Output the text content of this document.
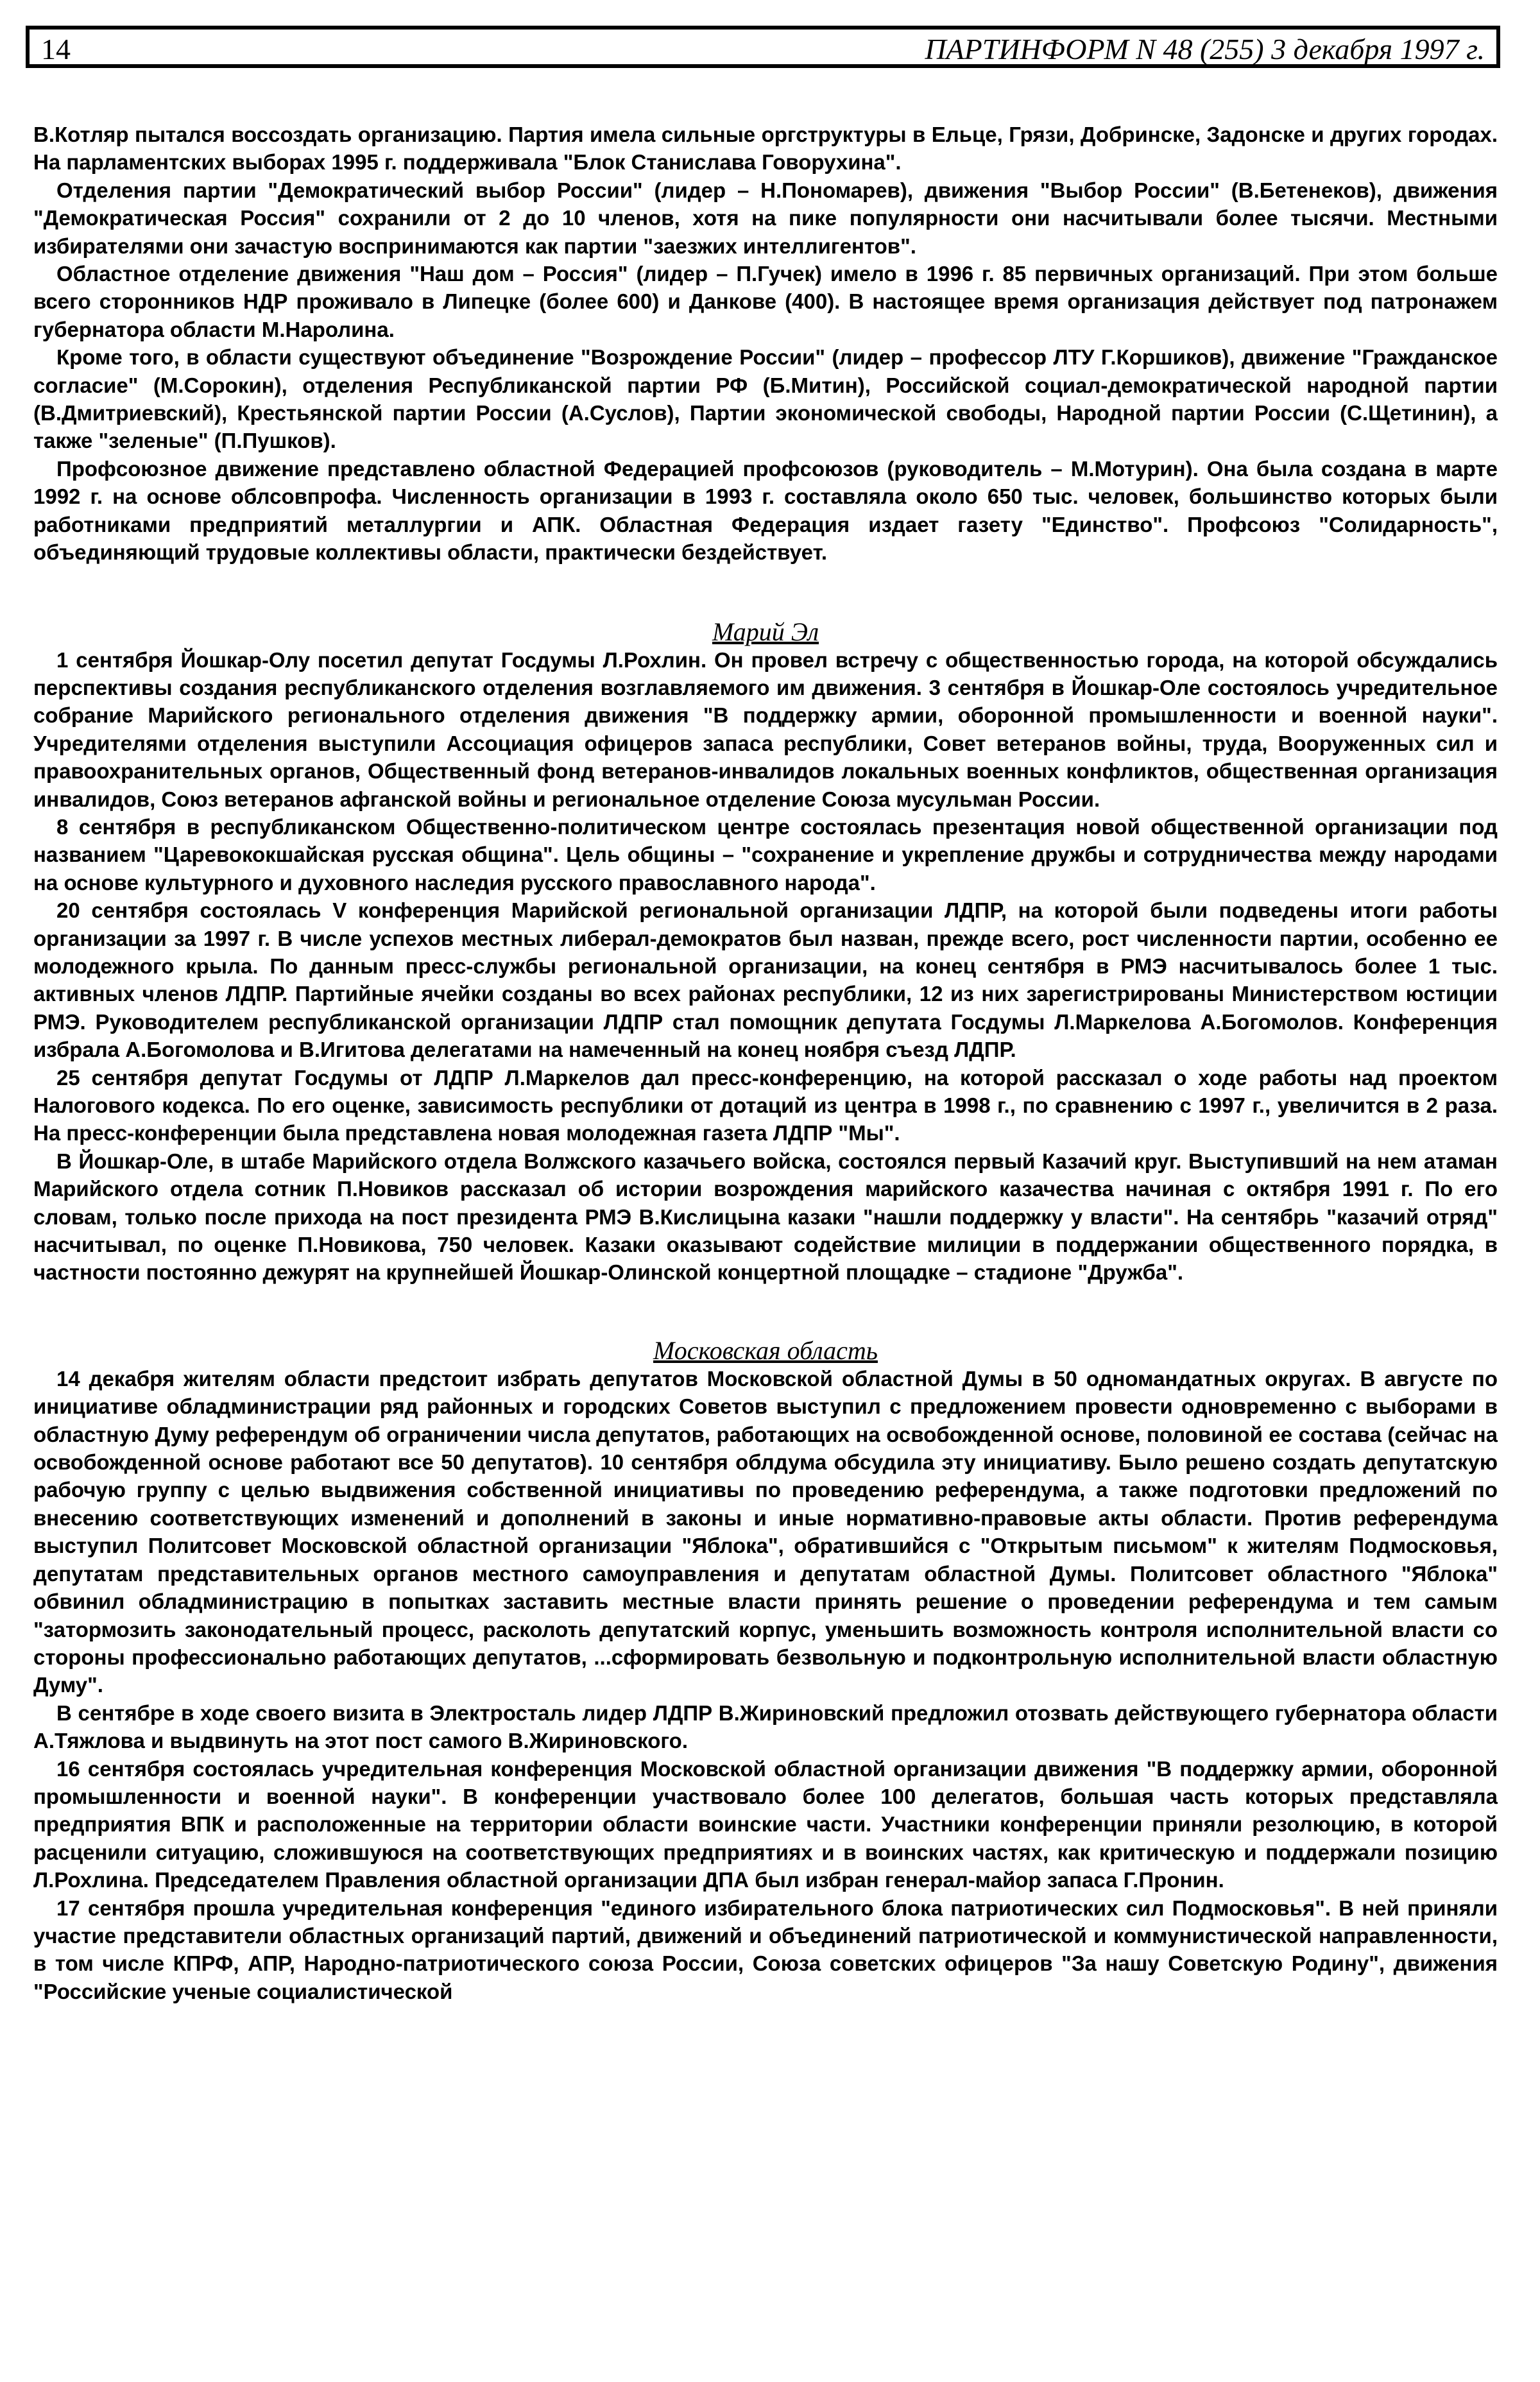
14	ПАРТИНФОРМ N 48 (255) 3 декабря 1997 г.

В.Котляр пытался воссоздать организацию. Партия имела сильные оргструктуры в Ельце, Грязи, Добринске, Задонске и других городах. На парламентских выборах 1995 г. поддерживала "Блок Станислава Говорухина".

Отделения партии "Демократический выбор России" (лидер – Н.Пономарев), движения "Выбор России" (В.Бетенеков), движения "Демократическая Россия" сохранили от 2 до 10 членов, хотя на пике популярности они насчитывали более тысячи. Местными избирателями они зачастую воспринимаются как партии "заезжих интеллигентов".

Областное отделение движения "Наш дом – Россия" (лидер – П.Гучек) имело в 1996 г. 85 первичных организаций. При этом больше всего сторонников НДР проживало в Липецке (более 600) и Данкове (400). В настоящее время организация действует под патронажем губернатора области М.Наролина.

Кроме того, в области существуют объединение "Возрождение России" (лидер – профессор ЛТУ Г.Коршиков), движение "Гражданское согласие" (М.Сорокин), отделения Республиканской партии РФ (Б.Митин), Российской социал-демократической народной партии (В.Дмитриевский), Крестьянской партии России (А.Суслов), Партии экономической свободы, Народной партии России (С.Щетинин), а также "зеленые" (П.Пушков).

Профсоюзное движение представлено областной Федерацией профсоюзов (руководитель – М.Мотурин). Она была создана в марте 1992 г. на основе облсовпрофа. Численность организации в 1993 г. составляла около 650 тыс. человек, большинство которых были работниками предприятий металлургии и АПК. Областная Федерация издает газету "Единство". Профсоюз "Солидарность", объединяющий трудовые коллективы области, практически бездействует.

Марий Эл

1 сентября Йошкар-Олу посетил депутат Госдумы Л.Рохлин. Он провел встречу с общественностью города, на которой обсуждались перспективы создания республиканского отделения возглавляемого им движения. 3 сентября в Йошкар-Оле состоялось учредительное собрание Марийского регионального отделения движения "В поддержку армии, оборонной промышленности и военной науки". Учредителями отделения выступили Ассоциация офицеров запаса республики, Совет ветеранов войны, труда, Вооруженных сил и правоохранительных органов, Общественный фонд ветеранов-инвалидов локальных военных конфликтов, общественная организация инвалидов, Союз ветеранов афганской войны и региональное отделение Союза мусульман России.

8 сентября в республиканском Общественно-политическом центре состоялась презентация новой общественной организации под названием "Царевококшайская русская община". Цель общины – "сохранение и укрепление дружбы и сотрудничества между народами на основе культурного и духовного наследия русского православного народа".

20 сентября состоялась V конференция Марийской региональной организации ЛДПР, на которой были подведены итоги работы организации за 1997 г. В числе успехов местных либерал-демократов был назван, прежде всего, рост численности партии, особенно ее молодежного крыла. По данным пресс-службы региональной организации, на конец сентября в РМЭ насчитывалось более 1 тыс. активных членов ЛДПР. Партийные ячейки созданы во всех районах республики, 12 из них зарегистрированы Министерством юстиции РМЭ. Руководителем республиканской организации ЛДПР стал помощник депутата Госдумы Л.Маркелова А.Богомолов. Конференция избрала А.Богомолова и В.Игитова делегатами на намеченный на конец ноября съезд ЛДПР.

25 сентября депутат Госдумы от ЛДПР Л.Маркелов дал пресс-конференцию, на которой рассказал о ходе работы над проектом Налогового кодекса. По его оценке, зависимость республики от дотаций из центра в 1998 г., по сравнению с 1997 г., увеличится в 2 раза. На пресс-конференции была представлена новая молодежная газета ЛДПР "Мы".

В Йошкар-Оле, в штабе Марийского отдела Волжского казачьего войска, состоялся первый Казачий круг. Выступивший на нем атаман Марийского отдела сотник П.Новиков рассказал об истории возрождения марийского казачества начиная с октября 1991 г. По его словам, только после прихода на пост президента РМЭ В.Кислицына казаки "нашли поддержку у власти". На сентябрь "казачий отряд" насчитывал, по оценке П.Новикова, 750 человек. Казаки оказывают содействие милиции в поддержании общественного порядка, в частности постоянно дежурят на крупнейшей Йошкар-Олинской концертной площадке – стадионе "Дружба".

Московская область

14 декабря жителям области предстоит избрать депутатов Московской областной Думы в 50 одномандатных округах. В августе по инициативе обладминистрации ряд районных и городских Советов выступил с предложением провести одновременно с выборами в областную Думу референдум об ограничении числа депутатов, работающих на освобожденной основе, половиной ее состава (сейчас на освобожденной основе работают все 50 депутатов). 10 сентября облдума обсудила эту инициативу. Было решено создать депутатскую рабочую группу с целью выдвижения собственной инициативы по проведению референдума, а также подготовки предложений по внесению соответствующих изменений и дополнений в законы и иные нормативно-правовые акты области. Против референдума выступил Политсовет Московской областной организации "Яблока", обратившийся с "Открытым письмом" к жителям Подмосковья, депутатам представительных органов местного самоуправления и депутатам областной Думы. Политсовет областного "Яблока" обвинил обладминистрацию в попытках заставить местные власти принять решение о проведении референдума и тем самым "затормозить законодательный процесс, расколоть депутатский корпус, уменьшить возможность контроля исполнительной власти со стороны профессионально работающих депутатов, ...сформировать безвольную и подконтрольную исполнительной власти областную Думу".

В сентябре в ходе своего визита в Электросталь лидер ЛДПР В.Жириновский предложил отозвать действующего губернатора области А.Тяжлова и выдвинуть на этот пост самого В.Жириновского.

16 сентября состоялась учредительная конференция Московской областной организации движения "В поддержку армии, оборонной промышленности и военной науки". В конференции участвовало более 100 делегатов, большая часть которых представляла предприятия ВПК и расположенные на территории области воинские части. Участники конференции приняли резолюцию, в которой расценили ситуацию, сложившуюся на соответствующих предприятиях и в воинских частях, как критическую и поддержали позицию Л.Рохлина. Председателем Правления областной организации ДПА был избран генерал-майор запаса Г.Пронин.

17 сентября прошла учредительная конференция "единого избирательного блока патриотических сил Подмосковья". В ней приняли участие представители областных организаций партий, движений и объединений патриотической и коммунистической направленности, в том числе КПРФ, АПР, Народно-патриотического союза России, Союза советских офицеров "За нашу Советскую Родину", движения "Российские ученые социалистической
